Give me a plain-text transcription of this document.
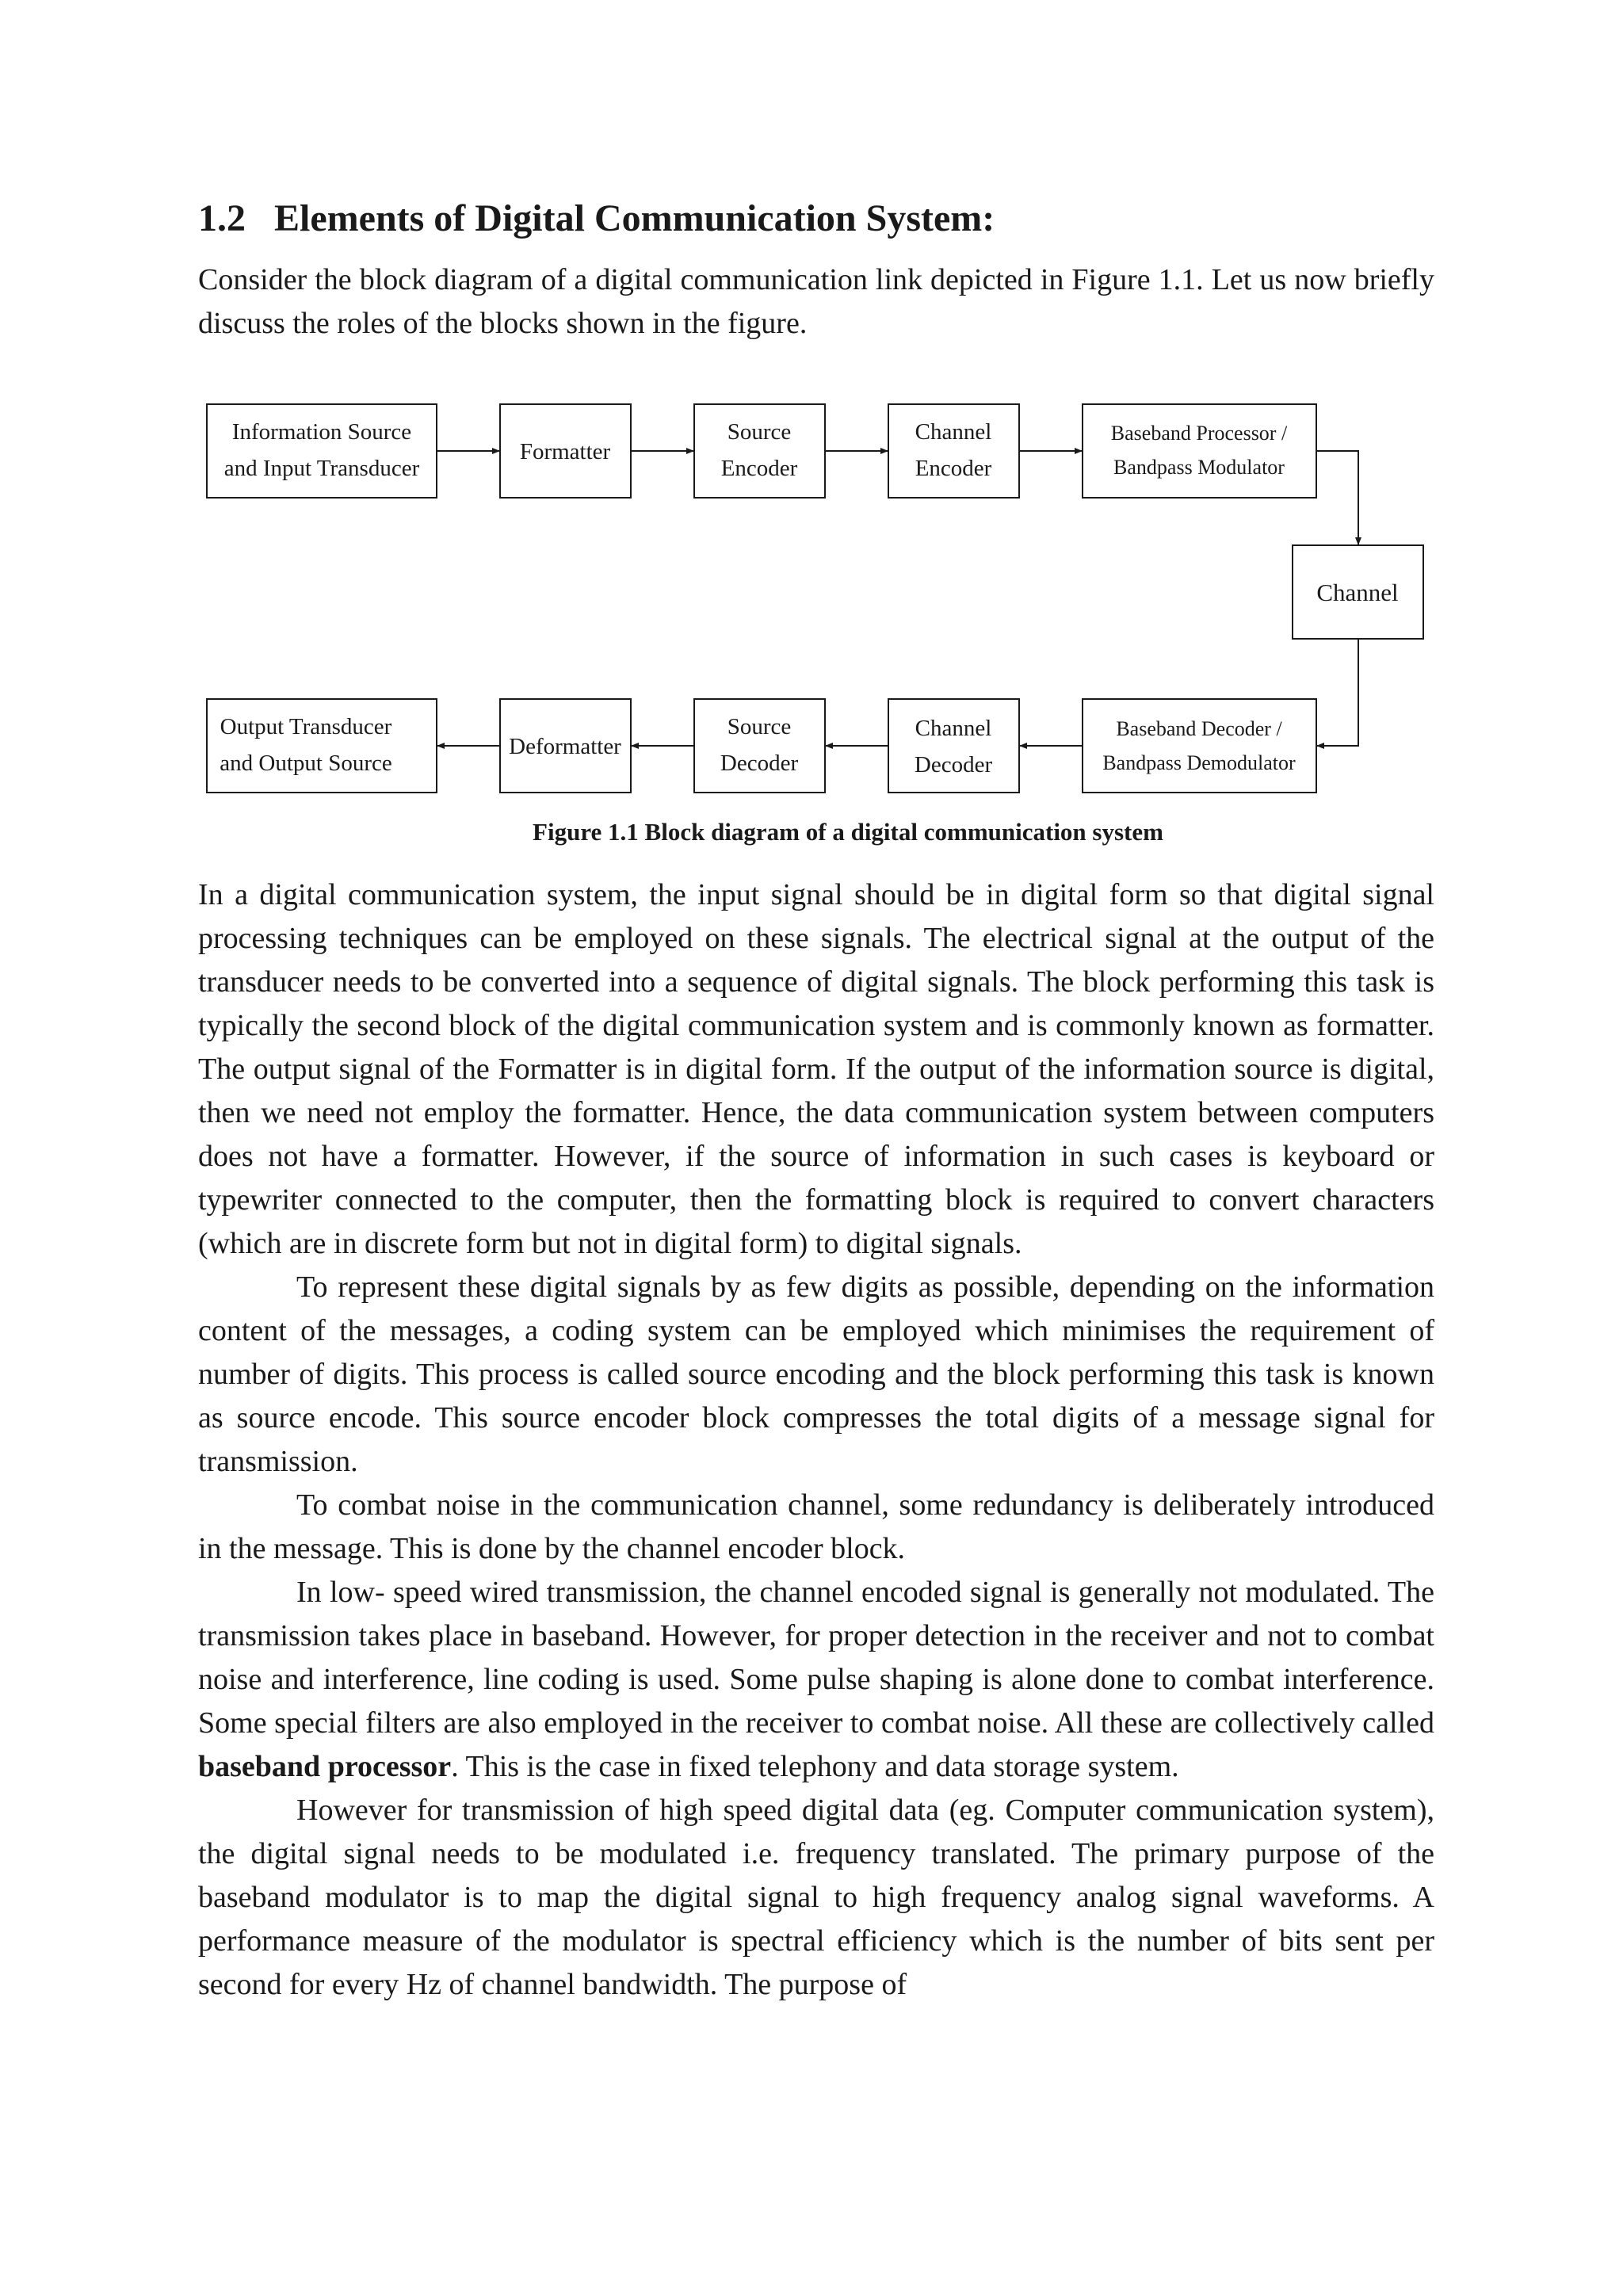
1.2 Elements of Digital Communication System:

Consider the block diagram of a digital communication link depicted in Figure 1.1. Let us now briefly discuss the roles of the blocks shown in the figure.

Information Source
and Input Transducer
Formatter
Source
Encoder
Channel
Encoder
Baseband Processor /
Bandpass Modulator
Channel
Output Transducer
and Output Source
Deformatter
Source
Decoder
Channel
Decoder
Baseband Decoder /
Bandpass Demodulator
Figure 1.1 Block diagram of a digital communication system

In a digital communication system, the input signal should be in digital form so that digital signal processing techniques can be employed on these signals. The electrical signal at the output of the transducer needs to be converted into a sequence of digital signals. The block performing this task is typically the second block of the digital communication system and is commonly known as formatter. The output signal of the Formatter is in digital form. If the output of the information source is digital, then we need not employ the formatter. Hence, the data communication system between computers does not have a formatter. However, if the source of information in such cases is keyboard or typewriter connected to the computer, then the formatting block is required to convert characters (which are in discrete form but not in digital form) to digital signals.

To represent these digital signals by as few digits as possible, depending on the information content of the messages, a coding system can be employed which minimises the requirement of number of digits. This process is called source encoding and the block performing this task is known as source encode. This source encoder block compresses the total digits of a message signal for transmission.

To combat noise in the communication channel, some redundancy is deliberately introduced in the message. This is done by the channel encoder block.

In low- speed wired transmission, the channel encoded signal is generally not modulated. The transmission takes place in baseband. However, for proper detection in the receiver and not to combat noise and interference, line coding is used. Some pulse shaping is alone done to combat interference. Some special filters are also employed in the receiver to combat noise. All these are collectively called baseband processor. This is the case in fixed telephony and data storage system.

However for transmission of high speed digital data (eg. Computer communication system), the digital signal needs to be modulated i.e. frequency translated. The primary purpose of the baseband modulator is to map the digital signal to high frequency analog signal waveforms. A performance measure of the modulator is spectral efficiency which is the number of bits sent per second for every Hz of channel bandwidth. The purpose of
